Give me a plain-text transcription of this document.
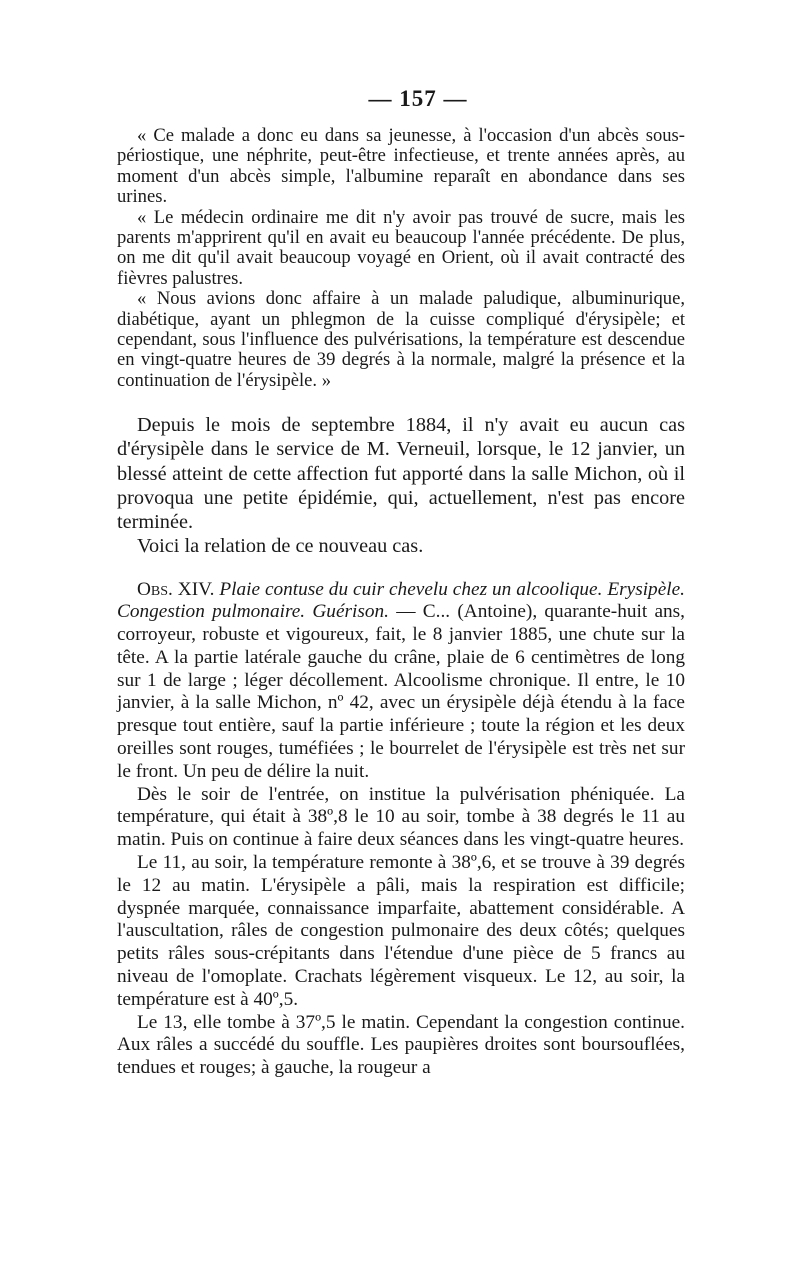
— 157 —

« Ce malade a donc eu dans sa jeunesse, à l'occasion d'un abcès sous-périostique, une néphrite, peut-être infectieuse, et trente années après, au moment d'un abcès simple, l'albumine reparaît en abondance dans ses urines.

« Le médecin ordinaire me dit n'y avoir pas trouvé de sucre, mais les parents m'apprirent qu'il en avait eu beaucoup l'année précédente. De plus, on me dit qu'il avait beaucoup voyagé en Orient, où il avait contracté des fièvres palustres.

« Nous avions donc affaire à un malade paludique, albuminurique, diabétique, ayant un phlegmon de la cuisse compliqué d'érysipèle; et cependant, sous l'influence des pulvérisations, la température est descendue en vingt-quatre heures de 39 degrés à la normale, malgré la présence et la continuation de l'érysipèle. »

Depuis le mois de septembre 1884, il n'y avait eu aucun cas d'érysipèle dans le service de M. Verneuil, lorsque, le 12 janvier, un blessé atteint de cette affection fut apporté dans la salle Michon, où il provoqua une petite épidémie, qui, actuellement, n'est pas encore terminée.

Voici la relation de ce nouveau cas.

Obs. XIV. Plaie contuse du cuir chevelu chez un alcoolique. Erysipèle. Congestion pulmonaire. Guérison. — C... (Antoine), quarante-huit ans, corroyeur, robuste et vigoureux, fait, le 8 janvier 1885, une chute sur la tête. A la partie latérale gauche du crâne, plaie de 6 centimètres de long sur 1 de large ; léger décollement. Alcoolisme chronique. Il entre, le 10 janvier, à la salle Michon, nº 42, avec un érysipèle déjà étendu à la face presque tout entière, sauf la partie inférieure ; toute la région et les deux oreilles sont rouges, tuméfiées ; le bourrelet de l'érysipèle est très net sur le front. Un peu de délire la nuit.

Dès le soir de l'entrée, on institue la pulvérisation phéniquée. La température, qui était à 38º,8 le 10 au soir, tombe à 38 degrés le 11 au matin. Puis on continue à faire deux séances dans les vingt-quatre heures.

Le 11, au soir, la température remonte à 38º,6, et se trouve à 39 degrés le 12 au matin. L'érysipèle a pâli, mais la respiration est difficile; dyspnée marquée, connaissance imparfaite, abattement considérable. A l'auscultation, râles de congestion pulmonaire des deux côtés; quelques petits râles sous-crépitants dans l'étendue d'une pièce de 5 francs au niveau de l'omoplate. Crachats légèrement visqueux. Le 12, au soir, la température est à 40º,5.

Le 13, elle tombe à 37º,5 le matin. Cependant la congestion continue. Aux râles a succédé du souffle. Les paupières droites sont boursouflées, tendues et rouges; à gauche, la rougeur a
